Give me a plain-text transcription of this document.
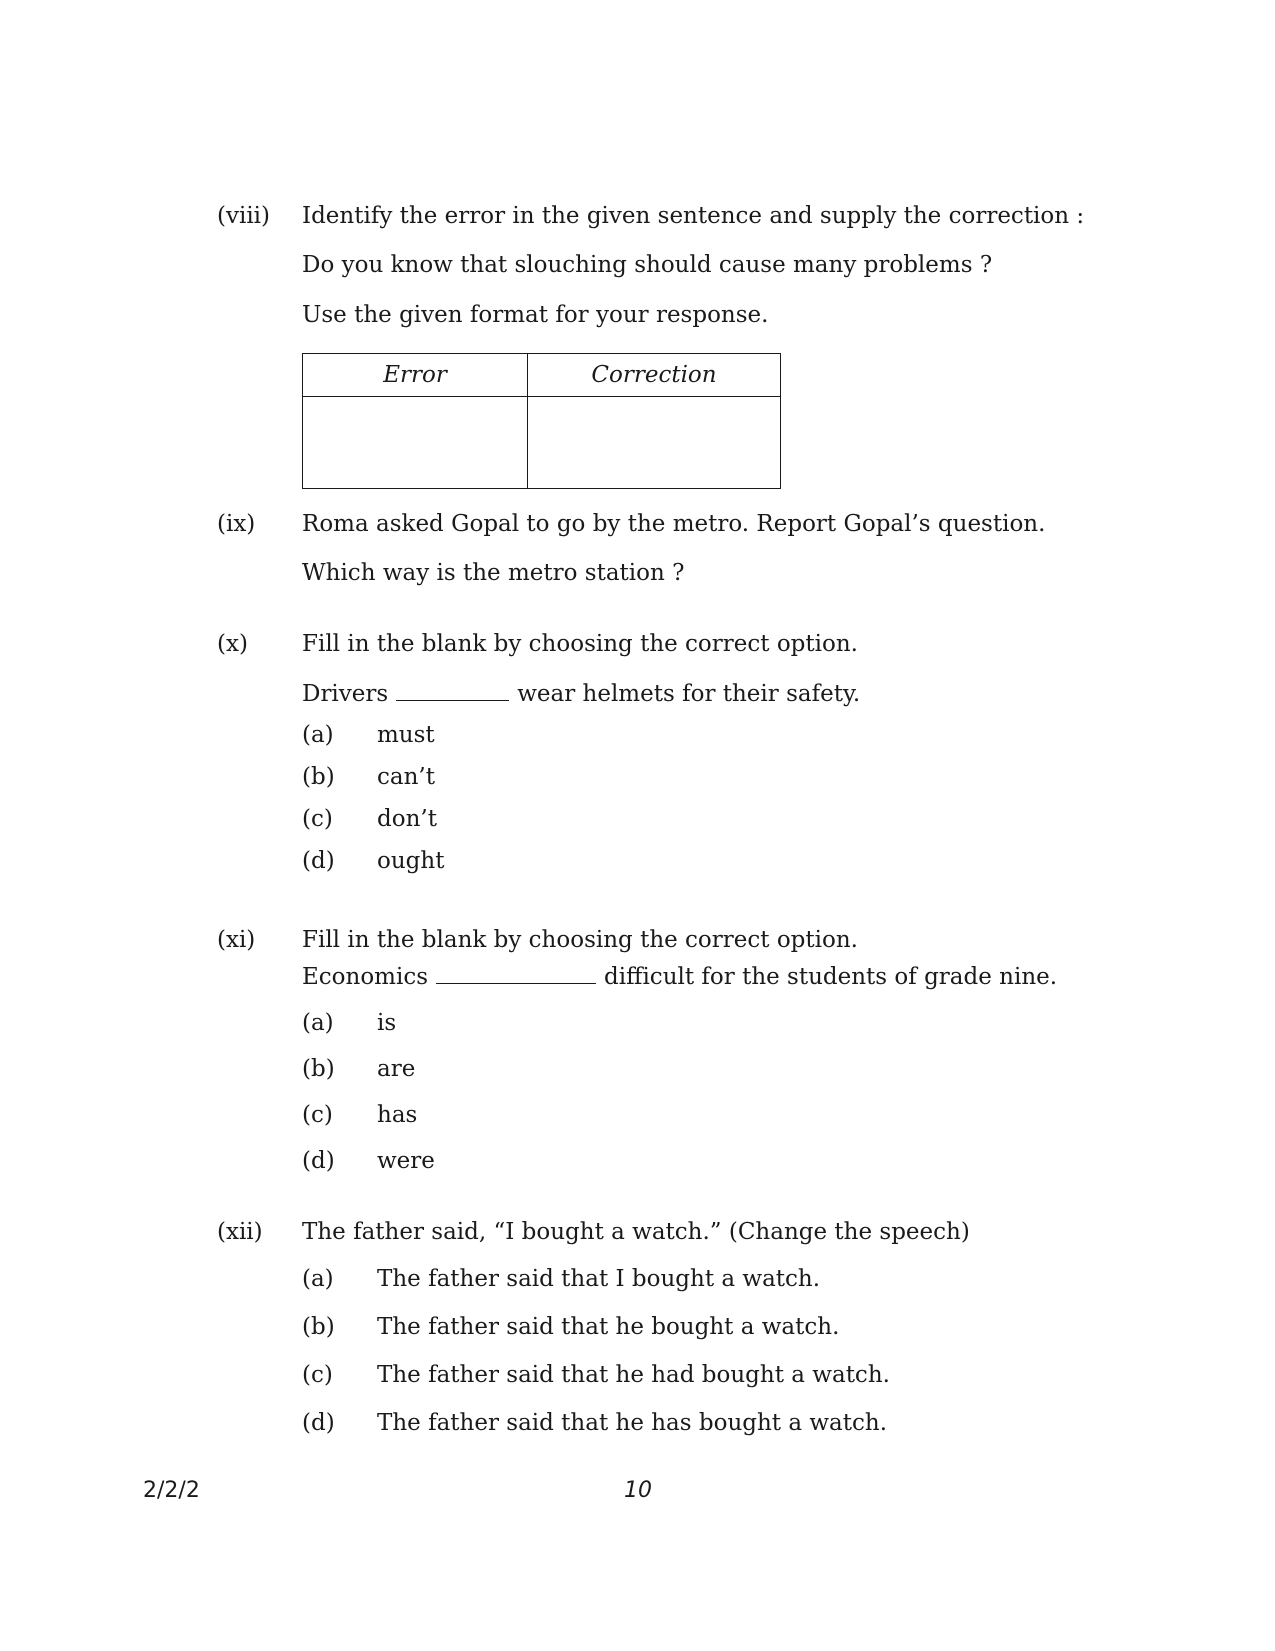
(viii) Identify the error in the given sentence and supply the correction :
Do you know that slouching should cause many problems ?
Use the given format for your response.
Error	Correction

(ix) Roma asked Gopal to go by the metro. Report Gopal’s question.
Which way is the metro station ?
(x) Fill in the blank by choosing the correct option.
Drivers	wear helmets for their safety.
(a) must
(b) can’t
(c) don’t
(d) ought
(xi) Fill in the blank by choosing the correct option.
Economics	difficult for the students of grade nine.
(a) is
(b) are
(c) has
(d) were
(xii) The father said, “I bought a watch.” (Change the speech)
(a) The father said that I bought a watch.
(b) The father said that he bought a watch.
(c) The father said that he had bought a watch.
(d) The father said that he has bought a watch.
2/2/2	10
